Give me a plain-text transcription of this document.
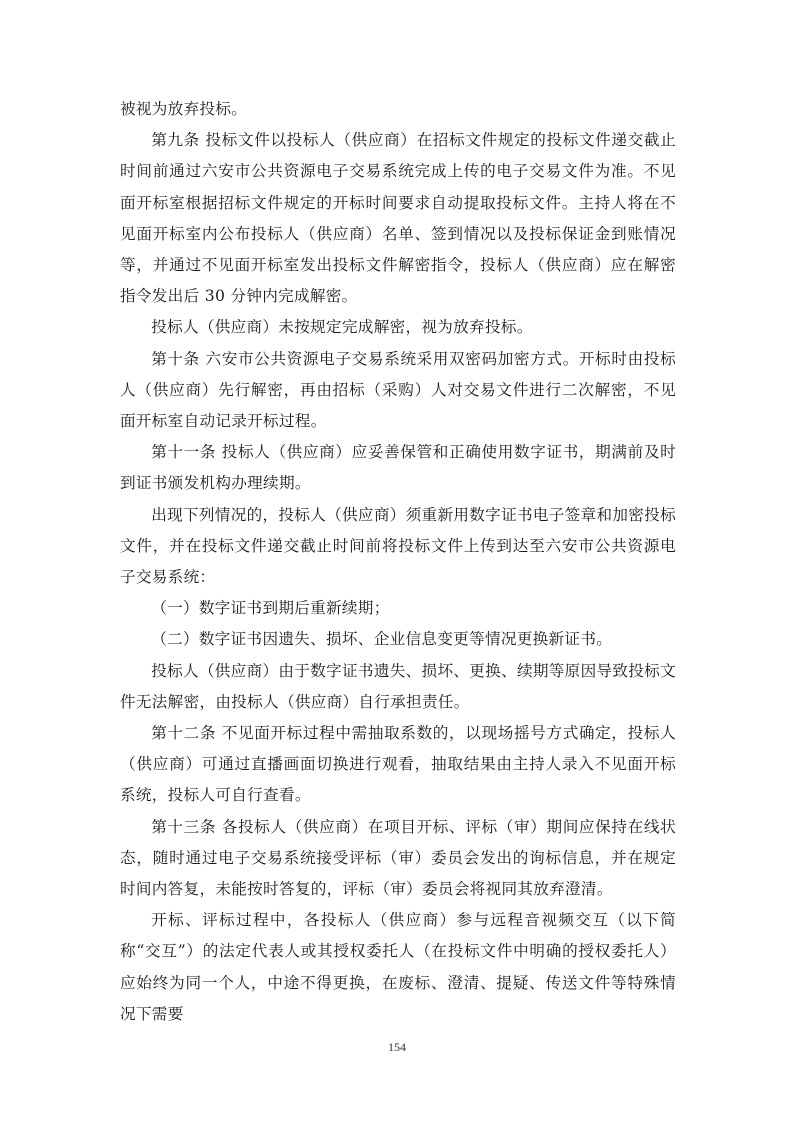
被视为放弃投标。

第九条 投标文件以投标人（供应商）在招标文件规定的投标文件递交截止时间前通过六安市公共资源电子交易系统完成上传的电子交易文件为准。不见面开标室根据招标文件规定的开标时间要求自动提取投标文件。主持人将在不见面开标室内公布投标人（供应商）名单、签到情况以及投标保证金到账情况等，并通过不见面开标室发出投标文件解密指令，投标人（供应商）应在解密指令发出后 30 分钟内完成解密。

投标人（供应商）未按规定完成解密，视为放弃投标。

第十条 六安市公共资源电子交易系统采用双密码加密方式。开标时由投标人（供应商）先行解密，再由招标（采购）人对交易文件进行二次解密，不见面开标室自动记录开标过程。

第十一条 投标人（供应商）应妥善保管和正确使用数字证书，期满前及时到证书颁发机构办理续期。

出现下列情况的，投标人（供应商）须重新用数字证书电子签章和加密投标文件，并在投标文件递交截止时间前将投标文件上传到达至六安市公共资源电子交易系统：

（一）数字证书到期后重新续期；

（二）数字证书因遗失、损坏、企业信息变更等情况更换新证书。

投标人（供应商）由于数字证书遗失、损坏、更换、续期等原因导致投标文件无法解密，由投标人（供应商）自行承担责任。

第十二条 不见面开标过程中需抽取系数的，以现场摇号方式确定，投标人（供应商）可通过直播画面切换进行观看，抽取结果由主持人录入不见面开标系统，投标人可自行查看。

第十三条 各投标人（供应商）在项目开标、评标（审）期间应保持在线状态，随时通过电子交易系统接受评标（审）委员会发出的询标信息，并在规定时间内答复，未能按时答复的，评标（审）委员会将视同其放弃澄清。

开标、评标过程中，各投标人（供应商）参与远程音视频交互（以下简称“交互”）的法定代表人或其授权委托人（在投标文件中明确的授权委托人）应始终为同一个人，中途不得更换，在废标、澄清、提疑、传送文件等特殊情况下需要

154
